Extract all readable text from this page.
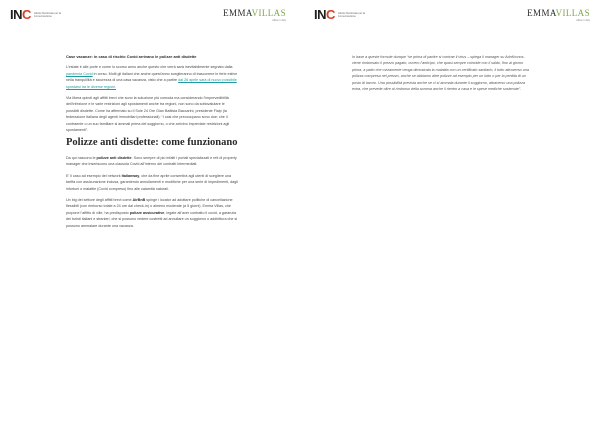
INC Istituto Nazionale per la Comunicazione	EMMAVILLAS
villas in italy

Case vacanze: in caso di rischio Covid arrivano le polizze anti disdette

L’estate è alle porte e come lo scorso anno anche questo che verrà sarà inevitabilmente segnato dalla pandemia Covid in corso. Molti gli italiani che anche quest’anno sceglieranno di trascorrere le ferie estive nella tranquillità e sicurezza di una casa vacanza, visto che a partire dal 26 aprile sarà di nuovo possibile spostarsi tra le diverse regioni.

Via libera quindi agli affitti brevi che sono la soluzione più comoda ma considerando l’imprevedibilità dell’infezione e le varie restrizioni agli spostamenti anche tra regioni, non sono da sottovalutare le possibili disdette. Come ha affermato su Il Sole 24 Ore Gian Battista Baccarini, presidente Fiaip (la federazione italiana degli agenti immobiliari professionali): “I casi che preoccupano sono due: che il contraente o un suo familiare si ammali prima del soggiorno, o che arrivino impreviste restrizioni agli spostamenti”.

Polizze anti disdette: come funzionano

Da qui nascono le polizze anti disdette. Sono sempre di più infatti i portali specializzati e reti di property manager che inseriscono una clausola Covid all’interno dei contratti intermediati.

E’ il caso ad esempio del network Italianway, che da fine aprile consentirà agli utenti di scegliere una tariffa con assicurazione inclusa, garantendo annullamenti e modifiche per una serie di impedimenti, dagli infortuni o malattie (Covid compreso) fino alle calamità naturali.

Un big del settore degli affitti brevi come AirBnB spinge i locator ad adottare politiche di cancellazione flessibili (con rimborso totale a 24 ore dal check-in) o almeno moderate (a 5 giorni). Emma Villas, che propone l’affitto di ville, ha predisposto polizze assicurative, legate all’aver contratto il covid, a garanzia dei turisti italiani e stranieri, che si possono vedere costretti ad annullare un soggiorno o addirittura che si possono ammalare durante una vacanza.

INC Istituto Nazionale per la Comunicazione	EMMAVILLAS
villas in italy

In base a queste formule dunque “se prima di partire si contrae il virus – spiega il manager su AdnKronos- viene rimborsato il prezzo pagato, ovvero l’anticipo, che quasi sempre coincide con il saldo, fino al giorno prima, a patto che ovviamente venga dimostrata la malattia con un certificato sanitario, il tutto attraverso una polizza compresa nel prezzo, anche se abbiamo altre polizze ad esempio per un lutto o per la perdita di un posto di lavoro. Una possibilità prevista anche se ci si ammala durante il soggiorno, attraverso una polizza extra, che prevede oltre al rimborso della somma anche il rientro a casa e le spese mediche sostenute”.
